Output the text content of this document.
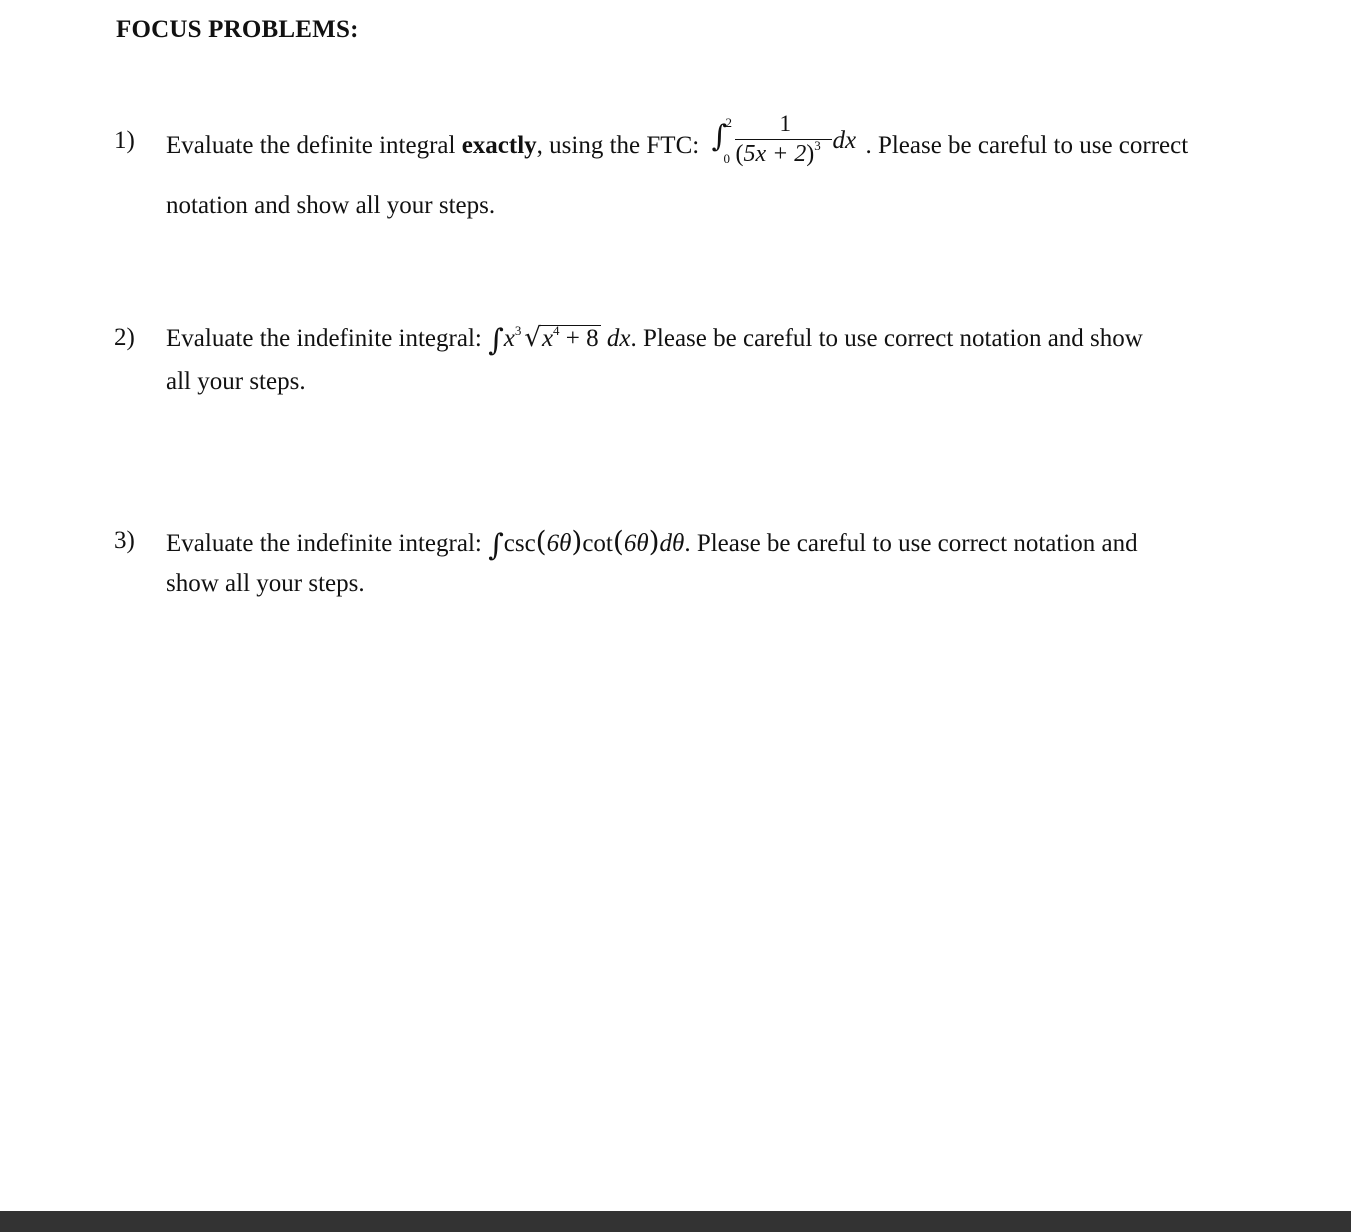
FOCUS PROBLEMS:
1) Evaluate the definite integral exactly, using the FTC: ∫
2
0
1
$(5x + 2)^3$ dx . Please be careful to use correct
notation and show all your steps.
2) Evaluate the indefinite integral: $\int x^3$ $√x^4 + 8$ dx. Please be careful to use correct notation and show
all your steps.
3) Evaluate the indefinite integral: ∫csc(6θ)cot(6θ)dθ. Please be careful to use correct notation and
show all your steps.
